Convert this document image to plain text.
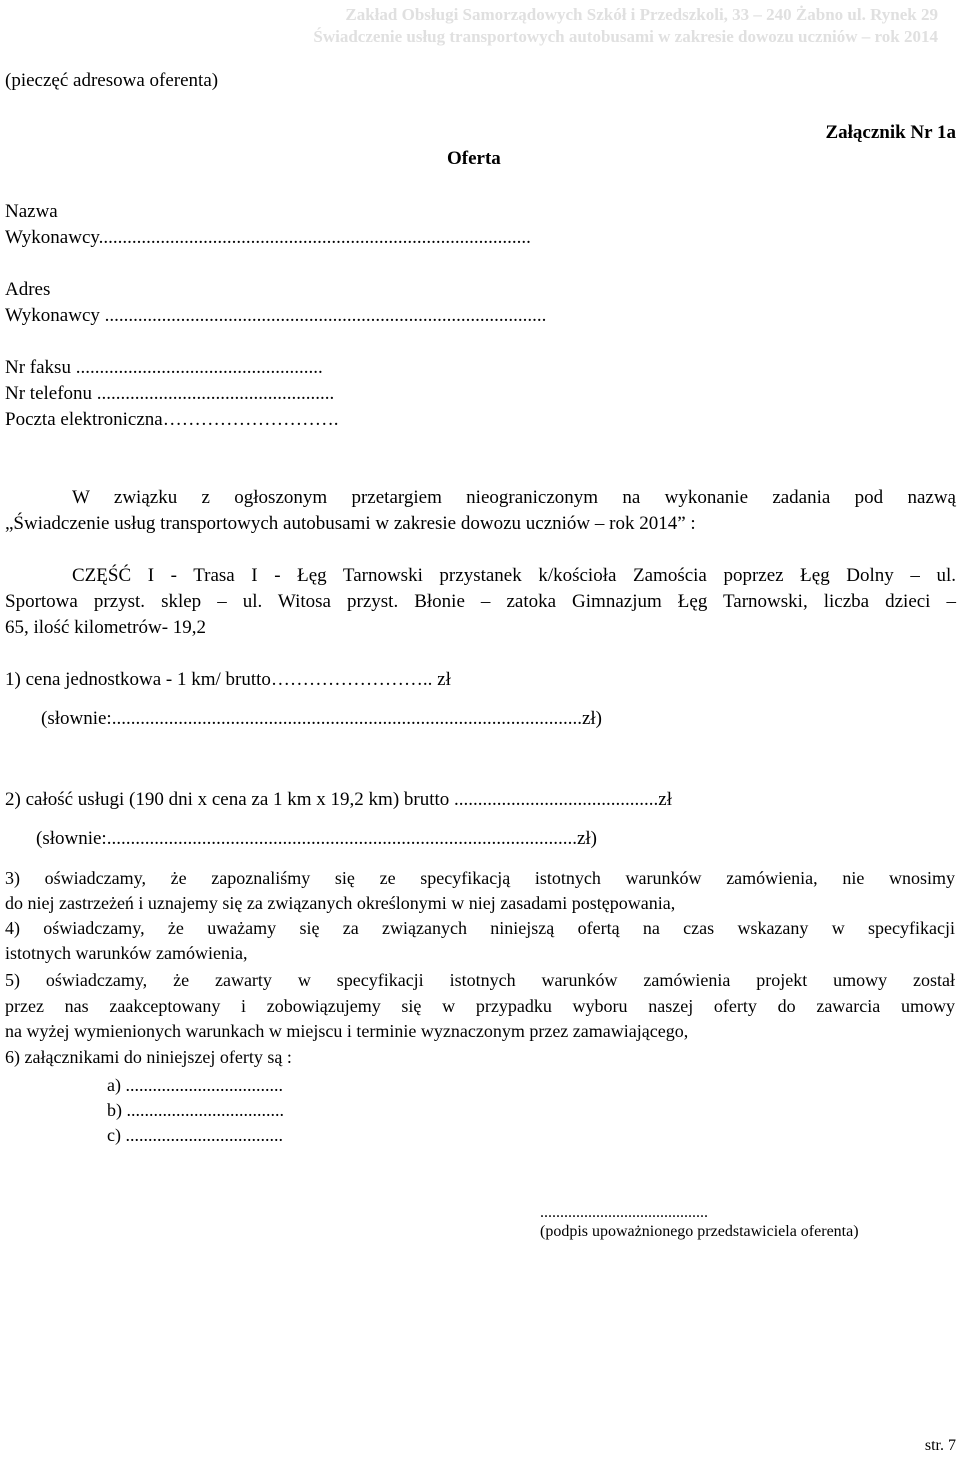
Zakład Obsługi Samorządowych Szkół i Przedszkoli, 33 – 240 Żabno ul. Rynek 29
Świadczenie usług transportowych autobusami w zakresie dowozu uczniów – rok 2014
(pieczęć adresowa oferenta)
Załącznik Nr 1a
Oferta
Nazwa
Wykonawcy...........................................................................................
Adres
Wykonawcy .............................................................................................
Nr faksu ....................................................
Nr telefonu ..................................................
Poczta elektroniczna……………………….
W związku z ogłoszonym przetargiem nieograniczonym na wykonanie zadania pod nazwą
„Świadczenie usług transportowych autobusami w zakresie dowozu uczniów – rok 2014” :
CZĘŚĆ I - Trasa I - Łęg Tarnowski przystanek k/kościoła Zamościa poprzez Łęg Dolny – ul.
Sportowa przyst. sklep – ul. Witosa przyst. Błonie – zatoka Gimnazjum Łęg Tarnowski, liczba dzieci –
65, ilość kilometrów- 19,2
1) cena jednostkowa - 1 km/ brutto…………………….. zł
(słownie:...................................................................................................zł)
2) całość usługi (190 dni x cena za 1 km x 19,2 km) brutto ...........................................zł
(słownie:...................................................................................................zł)
3) oświadczamy, że zapoznaliśmy się ze specyfikacją istotnych warunków zamówienia, nie wnosimy
do niej zastrzeżeń i uznajemy się za związanych określonymi w niej zasadami postępowania,
4) oświadczamy, że uważamy się za związanych niniejszą ofertą na czas wskazany w specyfikacji
istotnych warunków zamówienia,
5) oświadczamy, że zawarty w specyfikacji istotnych warunków zamówienia projekt umowy został
przez nas zaakceptowany i zobowiązujemy się w przypadku wyboru naszej oferty do zawarcia umowy
na wyżej wymienionych warunkach w miejscu i terminie wyznaczonym przez zamawiającego,
6) załącznikami do niniejszej oferty są :
a) ...................................
b) ...................................
c) ...................................
..........................................
(podpis upoważnionego przedstawiciela oferenta)
str. 7
